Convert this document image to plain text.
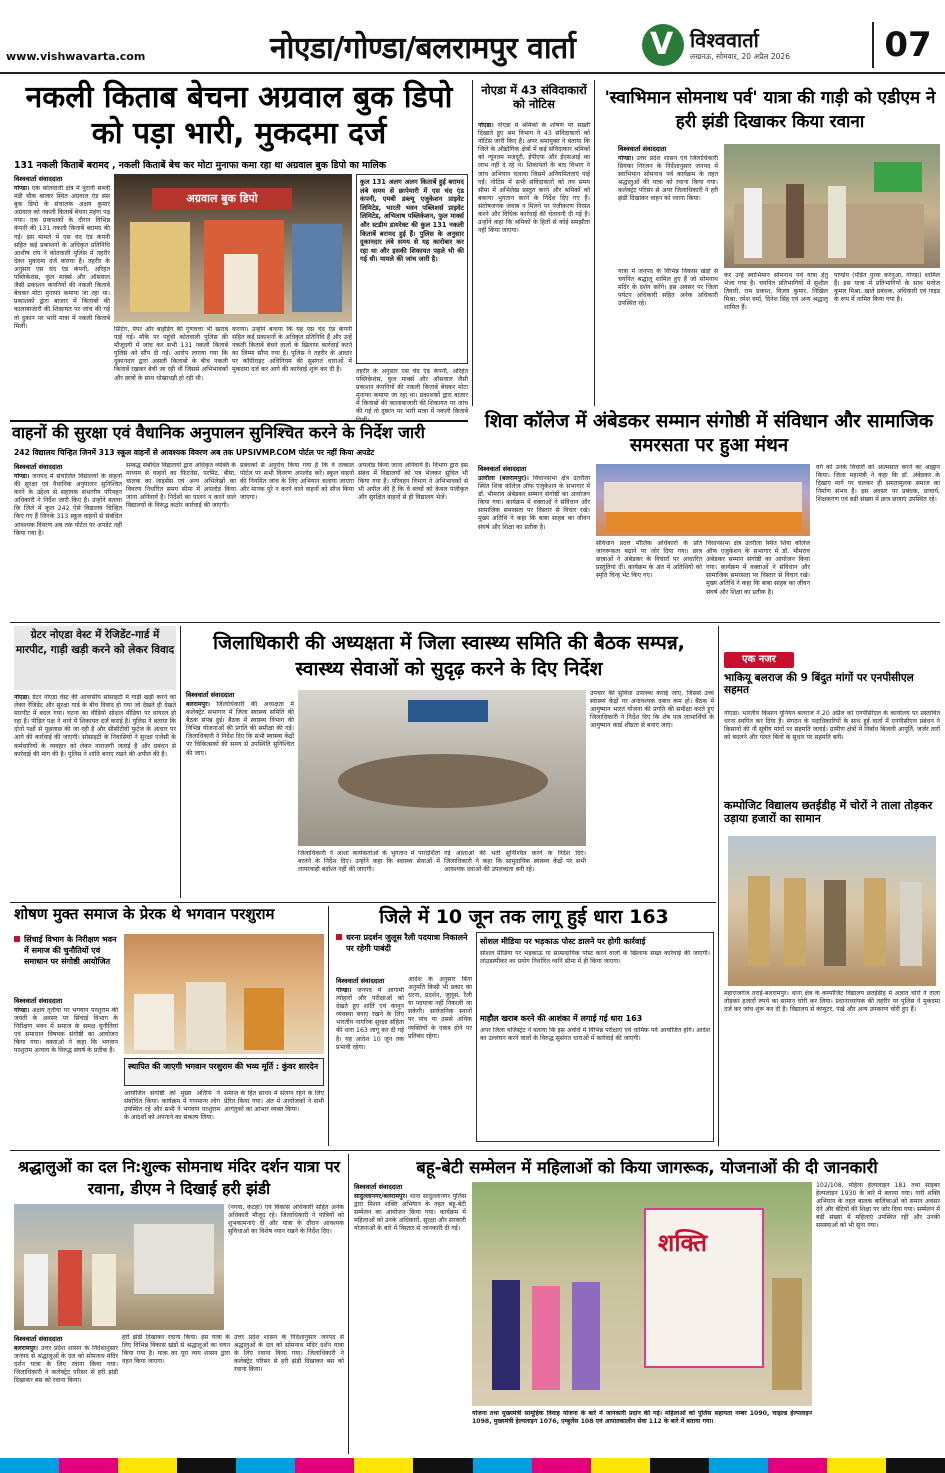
www.vishwavarta.com	नोएडा/गोण्डा/बलरामपुर वार्ता V विश्ववार्ता
लखनऊ, सोमवार, 20 अप्रैल 2026	07
नकली किताब बेचना अग्रवाल बुक डिपो को पड़ा भारी, मुकदमा दर्ज
131 नकली किताबें बरामद , नकली किताबें बेच कर मोटा मुनाफा कमा रहा था अग्रवाल बुक डिपो का मालिक
विश्ववार्ता संवाददाता
गोण्डा। एक कोतवाली क्षेत्र में पुरानी सब्जी मंडी चौक बाजार स्थित अग्रवाल एंड संस बुक डिपो के संचालक अक्षय कुमार अग्रवाल को नकली किताबें बेचना महंगा पड़ गया। एक प्रकाशकों के दौरान विभिन्न कंपनी की 131 नकली किताबें बरामद की गई। इस मामले में एस चंद एंड कंपनी सहित कई प्रकाशनों के अधिकृत प्रतिनिधि आशीष राय ने कोतवाली पुलिस में तहरीर देकर मुकदमा दर्ज कराया है। तहरीर के अनुसार एस चंद एंड कंपनी, अरिहंत पब्लिकेशंस, फुल मार्क्स और ऑसवाल जैसी प्रकाशन कंपनियों की नकली किताबें बेचकर मोटा मुनाफा कमाया जा रहा था। प्रकाशकों द्वारा बाजार में किताबों की कालाबाजारी की शिकायत पर जांच की गई तो दुकान पर भारी मात्रा में नकली किताबें मिलीं।
अग्रवाल बुक डिपो
कुल 131 अलग अलग किताबें हुई बरामद लंबे समय से छापेमारी में एस चंद एंड कंपनी, एमबी डब्ल्यू एजुकेशन प्राइवेट लिमिटेड, भारती भवन पब्लिशर्स प्राइवेट लिमिटेड, अभिलाष पब्लिकेशन, फुल मार्क्स और स्टडीम डायरेक्ट की कुल 131 नकली किताबें बरामद हुई हैं। पुलिस के अनुसार दुकानदार लंबे समय से यह कारोबार कर रहा था और इसकी शिकायत पहले भी की गई थी। मामले की जांच जारी है।
प्रिंटिंग, पेपर और बाइंडिंग की गुणवत्ता भी खराब पाई गई। मौके पर पहुंची कोतवाली पुलिस की मौजूदगी में जांच कर सभी 131 नकली किताबें पुलिस को सौंप दी गईं। आरोप लगाया गया कि दुकानदार द्वारा असली किताबों के बीच नकली किताबें रखकर बेची जा रही थीं जिससे अभिभावकों और छात्रों के साथ धोखाधड़ी हो रही थी।
कराया। उन्होंने बताया कि यह एस चंद एंड कंपनी सहित कई प्रकाशनों के अधिकृत प्रतिनिधि हैं और उन्हें नकली किताबें बेचने वालों के खिलाफ कार्रवाई करने का जिम्मा सौंपा गया है। पुलिस ने तहरीर के आधार पर कॉपीराइट अधिनियम की सुसंगत धाराओं में मुकदमा दर्ज कर आगे की कार्रवाई शुरू कर दी है।	तहरीर के अनुसार एस चंद एंड कंपनी, अरिहंत पब्लिकेशंस, फुल मार्क्स और ऑसवाल जैसी प्रकाशन कंपनियों की नकली किताबें बेचकर मोटा मुनाफा कमाया जा रहा था। प्रकाशकों द्वारा बाजार में किताबों की कालाबाजारी की शिकायत पर जांच की गई तो दुकान पर भारी मात्रा में नकली किताबें मिलीं।
नोएडा में 43 संविदाकारों को नोटिस
नोएडा। नोएडा में श्रमिकों के शोषण पर सख्ती दिखाते हुए श्रम विभाग ने 43 संविदाकारों को नोटिस जारी किए हैं। अपर श्रमायुक्त ने बताया कि जिले के औद्योगिक क्षेत्रों में कई संविदाकार श्रमिकों को न्यूनतम मजदूरी, ईपीएफ और ईएसआई का लाभ नहीं दे रहे थे। शिकायतों के बाद विभाग ने जांच अभियान चलाया जिसमें अनियमितताएं पाई गईं। नोटिस में सभी संविदाकारों को तय समय सीमा में अभिलेख प्रस्तुत करने और श्रमिकों को बकाया भुगतान करने के निर्देश दिए गए हैं। संतोषजनक जवाब न मिलने पर पंजीकरण निरस्त करने और विधिक कार्रवाई की चेतावनी दी गई है। उन्होंने कहा कि श्रमिकों के हितों से कोई समझौता नहीं किया जाएगा।
'स्वाभिमान सोमनाथ पर्व' यात्रा की गाड़ी को एडीएम ने हरी झंडी दिखाकर किया रवाना
विश्ववार्ता संवाददाता
गोण्डा। उत्तर प्रदेश शासन एवं जिलाधिकारी प्रियंका निरंजन के निर्देशानुसार जनपद में स्वाभिमान सोमनाथ पर्व कार्यक्रम के तहत श्रद्धालुओं की यात्रा को रवाना किया गया। कलेक्ट्रेट परिसर से अपर जिलाधिकारी ने हरी झंडी दिखाकर वाहन को रवाना किया।
यात्रा में जनपद के विभिन्न विकास खंडों से चयनित श्रद्धालु शामिल हुए हैं जो सोमनाथ मंदिर के दर्शन करेंगे। इस अवसर पर जिला पर्यटन अधिकारी सहित अनेक अधिकारी उपस्थित रहे।
कर उन्हें स्वाभिमान सोमनाथ पर्व यात्रा हेतु भेजा गया है। चयनित प्रतिभागियों में सुशील तिवारी, राम प्रकाश, विजय कुमार, निखिल मिश्रा, रमेश वर्मा, दिनेश सिंह एवं अन्य श्रद्धालु शामिल हैं।
पाण्डेय (पंडित पुरवा करनूआ, गोण्डा) शामिल हैं। इस यात्रा में प्रतिभागियों के साथ मनोज कुमार मिश्रा, खाते प्रबंधक, अधिकारी एवं गाइड के रूप में नामित किया गया है।
वाहनों की सुरक्षा एवं वैधानिक अनुपालन सुनिश्चित करने के निर्देश जारी
242 विद्यालय चिन्हित जिनमें 313 स्कूल वाहनों से आवश्यक विवरण अब तक UPSIVMP.COM पोर्टल पर नहीं किया अपडेट
विश्ववार्ता संवाददाता
गोण्डा। जनपद में संचालित विद्यालयों के वाहनों की सुरक्षा एवं वैधानिक अनुपालन सुनिश्चित करने के उद्देश्य से सहायक संभागीय परिवहन अधिकारी ने निर्देश जारी किए हैं। उन्होंने बताया कि जिले में कुल 242 ऐसे विद्यालय चिन्हित किए गए हैं जिनके 313 स्कूल वाहनों से संबंधित आवश्यक विवरण अब तक पोर्टल पर अपडेट नहीं किया गया है।
सम्बद्ध संबंधित विद्यालयों द्वारा अधिकृत व्यक्ति के माध्यम से वाहनों का फिटनेस, परमिट, बीमा, चालक का लाइसेंस एवं अन्य अभिलेखों का विवरण निर्धारित समय सीमा में अपलोड किया जाना अनिवार्य है। निर्देशों का पालन न करने वाले विद्यालयों के विरुद्ध कठोर कार्रवाई की जाएगी।
प्रबंधकों से अनुरोध किया गया है कि वे तत्काल पोर्टल पर सभी विवरण अपलोड करें। स्कूल वाहनों की नियमित जांच के लिए अभियान चलाया जाएगा और मानक पूरे न करने वाले वाहनों को सीज किया जाएगा।
अपलोड किया जाना अनिवार्य है। विभाग द्वारा इस संबंध में विद्यालयों को पत्र भेजकर सूचित भी किया गया है। परिवहन विभाग ने अभिभावकों से भी अपील की है कि वे बच्चों को केवल पंजीकृत और सुरक्षित वाहनों से ही विद्यालय भेजें।
शिवा कॉलेज में अंबेडकर सम्मान संगोष्ठी में संविधान और सामाजिक समरसता पर हुआ मंथन
विश्ववार्ता संवाददाता
उतरौला (बलरामपुर)। विधानसभा क्षेत्र उतरौला स्थित शिवा कॉलेज ऑफ एजुकेशन के सभागार में डॉ. भीमराव अंबेडकर सम्मान संगोष्ठी का आयोजन किया गया। कार्यक्रम में वक्ताओं ने संविधान और सामाजिक समरसता पर विस्तार से विचार रखे। मुख्य अतिथि ने कहा कि बाबा साहब का जीवन संघर्ष और शिक्षा का प्रतीक है।
संविधान प्रदत्त मौलिक अधिकारों के प्रति जागरूकता बढ़ाने पर जोर दिया गया। छात्र छात्राओं ने अंबेडकर के विचारों पर आधारित प्रस्तुतियां दीं। कार्यक्रम के अंत में अतिथियों को स्मृति चिन्ह भेंट किए गए।
विधानसभा क्षेत्र उतरौला स्थित शिवा कॉलेज ऑफ एजुकेशन के सभागार में डॉ. भीमराव अंबेडकर सम्मान संगोष्ठी का आयोजन किया गया। कार्यक्रम में वक्ताओं ने संविधान और सामाजिक समरसता पर विस्तार से विचार रखे। मुख्य अतिथि ने कहा कि बाबा साहब का जीवन संघर्ष और शिक्षा का प्रतीक है।
वर्ग को उनके विचारों को आत्मसात करने का आह्वान किया। जिला महामंत्री ने कहा कि डॉ. अंबेडकर के दिखाए मार्ग पर चलकर ही समतामूलक समाज का निर्माण संभव है। इस अवसर पर प्रबंधक, प्राचार्य, शिक्षकगण एवं बड़ी संख्या में छात्र छात्राएं उपस्थित रहे।
ग्रेटर नोएडा वेस्ट में रेजिडेंट-गार्ड में मारपीट, गाड़ी खड़ी करने को लेकर विवाद
नोएडा। ग्रेटर नोएडा वेस्ट की आवासीय सोसाइटी में गाड़ी खड़ी करने को लेकर रेजिडेंट और सुरक्षा गार्ड के बीच विवाद हो गया जो देखते ही देखते मारपीट में बदल गया। घटना का वीडियो सोशल मीडिया पर वायरल हो रहा है। पीड़ित पक्ष ने थाने में शिकायत दर्ज कराई है। पुलिस ने बताया कि दोनों पक्षों से पूछताछ की जा रही है और सीसीटीवी फुटेज के आधार पर आगे की कार्रवाई की जाएगी। सोसाइटी के निवासियों ने सुरक्षा एजेंसी के कर्मचारियों के व्यवहार को लेकर नाराजगी जताई है और प्रबंधन से कार्रवाई की मांग की है। पुलिस ने शांति बनाए रखने की अपील की है।
जिलाधिकारी की अध्यक्षता में जिला स्वास्थ्य समिति की बैठक सम्पन्न, स्वास्थ्य सेवाओं को सुदृढ़ करने के दिए निर्देश
विश्ववार्ता संवाददाता
बलरामपुर। जिलाधिकारी की अध्यक्षता में कलेक्ट्रेट सभागार में जिला स्वास्थ्य समिति की बैठक संपन्न हुई। बैठक में स्वास्थ्य विभाग की विभिन्न योजनाओं की प्रगति की समीक्षा की गई। जिलाधिकारी ने निर्देश दिए कि सभी स्वास्थ्य केंद्रों पर चिकित्सकों की समय से उपस्थिति सुनिश्चित की जाए।
जिलाधिकारी ने आशा कार्यकर्ताओं के भुगतान में पारदर्शिता बरतने के निर्देश दिए। उन्होंने कहा कि स्वास्थ्य सेवाओं में लापरवाही बर्दाश्त नहीं की जाएगी।
गई आशाओं की भर्ती सुनिश्चित करने के निर्देश दिए। जिलाधिकारी ने कहा कि सामुदायिक स्वास्थ्य केंद्रों पर सभी आवश्यक दवाओं की उपलब्धता बनी रहे।
उपचार की सुविधा उपलब्ध कराई जाए, जिससे उच्च स्वास्थ्य केंद्रों पर अनावश्यक दबाव कम हो। बैठक में आयुष्मान भारत योजना की प्रगति की समीक्षा करते हुए जिलाधिकारी ने निर्देश दिए कि शेष पात्र लाभार्थियों के आयुष्मान कार्ड शीघ्रता से बनाए जाएं।
एक नजर
भाकियू बलराज की 9 बिंदुत मांगों पर एनपीसीएल सहमत
नोएडा। भारतीय किसान यूनियन बलराज ने 20 अप्रैल को एनपीसीएल के कार्यालय पर प्रस्तावित धरना स्थगित कर दिया है। संगठन के पदाधिकारियों के साथ हुई वार्ता में एनपीसीएल प्रबंधन ने किसानों की नौ सूत्रीय मांगों पर सहमति जताई। ग्रामीण क्षेत्रों में निर्बाध बिजली आपूर्ति, जर्जर तारों को बदलने और गलत बिलों के सुधार पर सहमति बनी।
कम्पोजिट विद्यालय छतईडीह में चोरों ने ताला तोड़कर उड़ाया हजारों का सामान
महाराजगंज तराई-बलरामपुर। थाना क्षेत्र के कम्पोजिट विद्यालय छतईडीह में अज्ञात चोरों ने ताला तोड़कर हजारों रुपये का सामान चोरी कर लिया। प्रधानाध्यापक की तहरीर पर पुलिस ने मुकदमा दर्ज कर जांच शुरू कर दी है। विद्यालय से कंप्यूटर, पंखे और अन्य उपकरण चोरी हुए हैं।
शोषण मुक्त समाज के प्रेरक थे भगवान परशुराम
सिंचाई विभाग के निरीक्षण भवन में समाज की चुनौतियों एवं समाधान पर संगोष्ठी आयोजित
विश्ववार्ता संवाददाता
गोण्डा। अक्षय तृतीया पर भगवान परशुराम की जयंती के अवसर पर सिंचाई विभाग के निरीक्षण भवन में समाज के समक्ष चुनौतियां एवं समाधान विषयक संगोष्ठी का आयोजन किया गया। वक्ताओं ने कहा कि भगवान परशुराम अन्याय के विरुद्ध संघर्ष के प्रतीक हैं।
स्थापित की जाएगी भगवान परशुराम की भव्य मूर्ति : कुंवर शारदेन
आयोजित संगोष्ठी को मुख्य अतिथि ने संबोधित किया। कार्यक्रम में गणमान्य लोग उपस्थित रहे और सभी ने भगवान परशुराम के आदर्शों को अपनाने का संकल्प लिया।
समाज के हित साधन में संलग्न रहने के लिए प्रेरित किया गया। अंत में आयोजकों ने सभी आगंतुकों का आभार व्यक्त किया।
जिले में 10 जून तक लागू हुई धारा 163
धरना प्रदर्शन जुलूस रैली पदयात्रा निकालने पर रहेगी पाबंदी
विश्ववार्ता संवाददाता
गोण्डा। जनपद में आगामी त्योहारों और परीक्षाओं को देखते हुए शांति एवं कानून व्यवस्था बनाए रखने के लिए भारतीय नागरिक सुरक्षा संहिता की धारा 163 लागू कर दी गई है। यह आदेश 10 जून तक प्रभावी रहेगा।
आदेश के अनुसार बिना अनुमति किसी भी प्रकार का धरना, प्रदर्शन, जुलूस, रैली या पदयात्रा नहीं निकाली जा सकेगी। सार्वजनिक स्थानों पर पांच या उससे अधिक व्यक्तियों के एकत्र होने पर प्रतिबंध रहेगा।
सोशल मीडिया पर भड़काऊ पोस्ट डालने पर होगी कार्रवाई
सोशल मीडिया पर भड़काऊ या साम्प्रदायिक पोस्ट करने वालों के खिलाफ सख्त कार्रवाई की जाएगी। लाउडस्पीकर का प्रयोग निर्धारित ध्वनि सीमा में ही किया जाएगा।
माहौल खराब करने की आशंका में लगाई गई धारा 163
अपर जिला मजिस्ट्रेट ने बताया कि इस अवधि में विभिन्न परीक्षाएं एवं धार्मिक पर्व आयोजित होंगे। आदेश का उल्लंघन करने वालों के विरुद्ध सुसंगत धाराओं में कार्रवाई की जाएगी।
श्रद्धालुओं का दल नि:शुल्क सोमनाथ मंदिर दर्शन यात्रा पर रवाना, डीएम ने दिखाई हरी झंडी
(नगवा, कटहा) एवं विकास अधिकारी सहित अनेक अधिकारी मौजूद रहे। जिलाधिकारी ने यात्रियों को शुभकामनाएं दीं और यात्रा के दौरान आवश्यक सुविधाओं का विशेष ध्यान रखने के निर्देश दिए।
विश्ववार्ता संवाददाता
बलरामपुर। उत्तर प्रदेश शासन के निर्देशानुसार जनपद से श्रद्धालुओं के दल को सोमनाथ मंदिर दर्शन यात्रा के लिए रवाना किया गया। जिलाधिकारी ने कलेक्ट्रेट परिसर से हरी झंडी दिखाकर बस को रवाना किया।
हरी झंडी दिखाकर रवाना किया। इस यात्रा के लिए विभिन्न विकास खंडों से श्रद्धालुओं का चयन किया गया है। यात्रा का पूरा व्यय शासन द्वारा वहन किया जाएगा।
उत्तर प्रदेश शासन के निर्देशानुसार जनपद से श्रद्धालुओं के दल को सोमनाथ मंदिर दर्शन यात्रा के लिए रवाना किया गया। जिलाधिकारी ने कलेक्ट्रेट परिसर से हरी झंडी दिखाकर बस को रवाना किया।
बहू-बेटी सम्मेलन में महिलाओं को किया जागरूक, योजनाओं की दी जानकारी
विश्ववार्ता संवाददाता
सादुल्लानगर/बलरामपुर। थाना सादुल्लानगर पुलिस द्वारा मिशन शक्ति अभियान के तहत बहू-बेटी सम्मेलन का आयोजन किया गया। कार्यक्रम में महिलाओं को उनके अधिकारों, सुरक्षा और सरकारी योजनाओं के बारे में विस्तार से जानकारी दी गई।
शक्ति
योजना तथा मुख्यमंत्री सामूहिक विवाह योजना के बारे में जानकारी प्रदान की गई। महिलाओं को पुलिस सहायता नम्बर 1090, चाइल्ड हेल्पलाइन 1098, मुख्यमंत्री हेल्पलाइन 1076, एम्बुलेंस 108 एवं आपातकालीन सेवा 112 के बारे में बताया गया।
102/108, महिला हेल्पलाइन 181 तथा साइबर हेल्पलाइन 1930 के बारे में बताया गया। नारी शक्ति अभियान के तहत बालक बालिकाओं को समान अवसर देने और बेटियों की शिक्षा पर जोर दिया गया। सम्मेलन में बड़ी संख्या में महिलाएं उपस्थित रहीं और उनकी समस्याओं को भी सुना गया।
